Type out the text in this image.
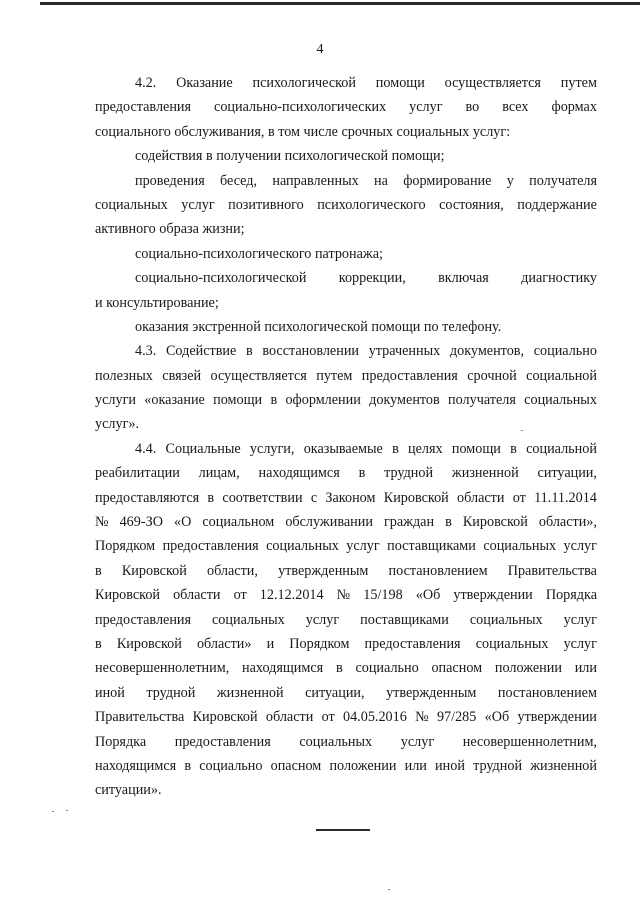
4
4.2. Оказание психологической помощи осуществляется путем
предоставления социально-психологических услуг во всех формах
социального обслуживания, в том числе срочных социальных услуг:
содействия в получении психологической помощи;
проведения бесед, направленных на формирование у получателя
социальных услуг позитивного психологического состояния, поддержание
активного образа жизни;
социально-психологического патронажа;
социально-психологической коррекции, включая диагностику
и консультирование;
оказания экстренной психологической помощи по телефону.
4.3. Содействие в восстановлении утраченных документов, социально
полезных связей осуществляется путем предоставления срочной социальной
услуги «оказание помощи в оформлении документов получателя социальных
услуг».
4.4. Социальные услуги, оказываемые в целях помощи в социальной
реабилитации лицам, находящимся в трудной жизненной ситуации,
предоставляются в соответствии с Законом Кировской области от 11.11.2014
№ 469-ЗО «О социальном обслуживании граждан в Кировской области»,
Порядком предоставления социальных услуг поставщиками социальных услуг
в Кировской области, утвержденным постановлением Правительства
Кировской области от 12.12.2014 № 15/198 «Об утверждении Порядка
предоставления социальных услуг поставщиками социальных услуг
в Кировской области» и Порядком предоставления социальных услуг
несовершеннолетним, находящимся в социально опасном положении или
иной трудной жизненной ситуации, утвержденным постановлением
Правительства Кировской области от 04.05.2016 № 97/285 «Об утверждении
Порядка предоставления социальных услуг несовершеннолетним,
находящимся в социально опасном положении или иной трудной жизненной
ситуации».
